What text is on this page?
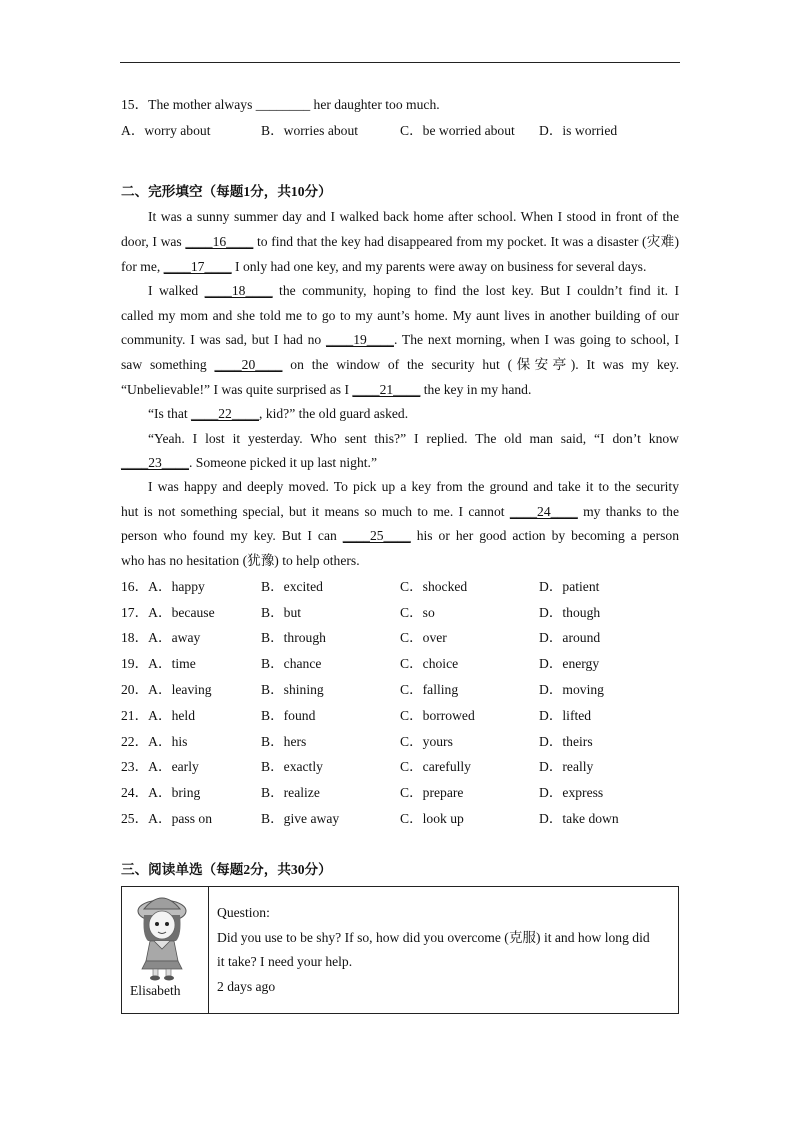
15．The mother always ________ her daughter too much.
A．worry about	B．worries about	C．be worried about D．is worried
二、完形填空（每题1分，共10分）
It was a sunny summer day and I walked back home after school. When I stood in front of the
door, I was ____16____ to find that the key had disappeared from my pocket. It was a disaster (灾难)
for me, ____17____ I only had one key, and my parents were away on business for several days.
I walked ____18____ the community, hoping to find the lost key. But I couldn’t find it. I
called my mom and she told me to go to my aunt’s home. My aunt lives in another building of our
community. I was sad, but I had no ____19____. The next morning, when I was going to school, I
saw something ____20____ on the window of the security hut (保安亭). It was my key.
“Unbelievable!” I was quite surprised as I ____21____ the key in my hand.
“Is that ____22____, kid?” the old guard asked.
“Yeah. I lost it yesterday. Who sent this?” I replied. The old man said, “I don’t know
____23____. Someone picked it up last night.”
I was happy and deeply moved. To pick up a key from the ground and take it to the security
hut is not something special, but it means so much to me. I cannot ____24____ my thanks to the
person who found my key. But I can ____25____ his or her good action by becoming a person
who has no hesitation (犹豫) to help others.
16．A．happy	B．excited	C．shocked	D．patient
17．A．because	B．but	C．so	D．though
18．A．away	B．through	C．over	D．around
19．A．time	B．chance	C．choice	D．energy
20．A．leaving	B．shining	C．falling	D．moving
21．A．held	B．found	C．borrowed	D．lifted
22．A．his	B．hers	C．yours	D．theirs
23．A．early	B．exactly	C．carefully	D．really
24．A．bring	B．realize	C．prepare	D．express
25．A．pass on	B．give away	C．look up	D．take down
三、阅读单选（每题2分，共30分）
Elisabeth

Question:
Did you use to be shy? If so, how did you overcome (克服) it and how long did
it take? I need your help.
2 days ago
